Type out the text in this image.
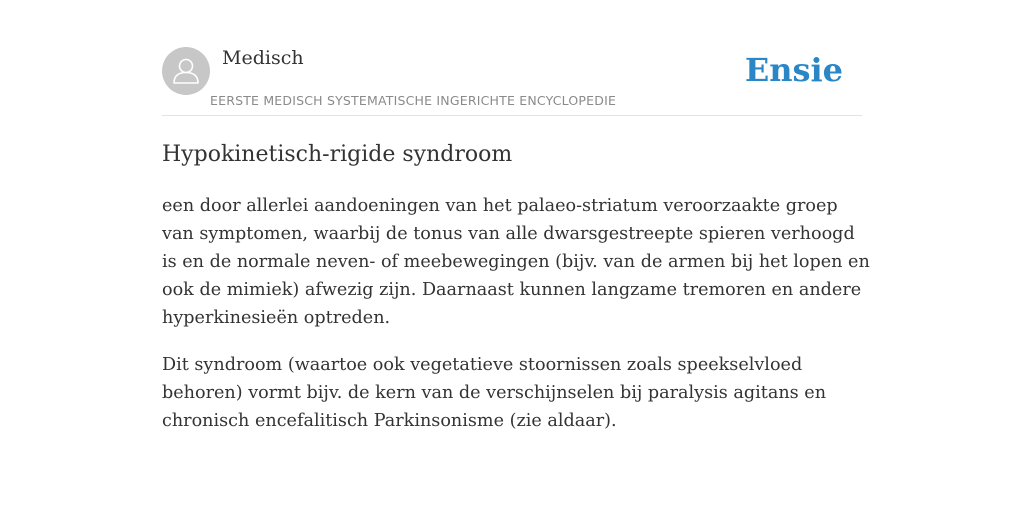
Medisch
EERSTE MEDISCH SYSTEMATISCHE INGERICHTE ENCYCLOPEDIE
Ensie
Hypokinetisch-rigide syndroom

een door allerlei aandoeningen van het palaeo-striatum veroorzaakte groep van symptomen, waarbij de tonus van alle dwarsgestreepte spieren verhoogd is en de normale neven- of meebewegingen (bijv. van de armen bij het lopen en ook de mimiek) afwezig zijn. Daarnaast kunnen langzame tremoren en andere hyperkinesieën optreden.

Dit syndroom (waartoe ook vegetatieve stoornissen zoals speekselvloed behoren) vormt bijv. de kern van de verschijnselen bij paralysis agitans en chronisch encefalitisch Parkinsonisme (zie aldaar).
